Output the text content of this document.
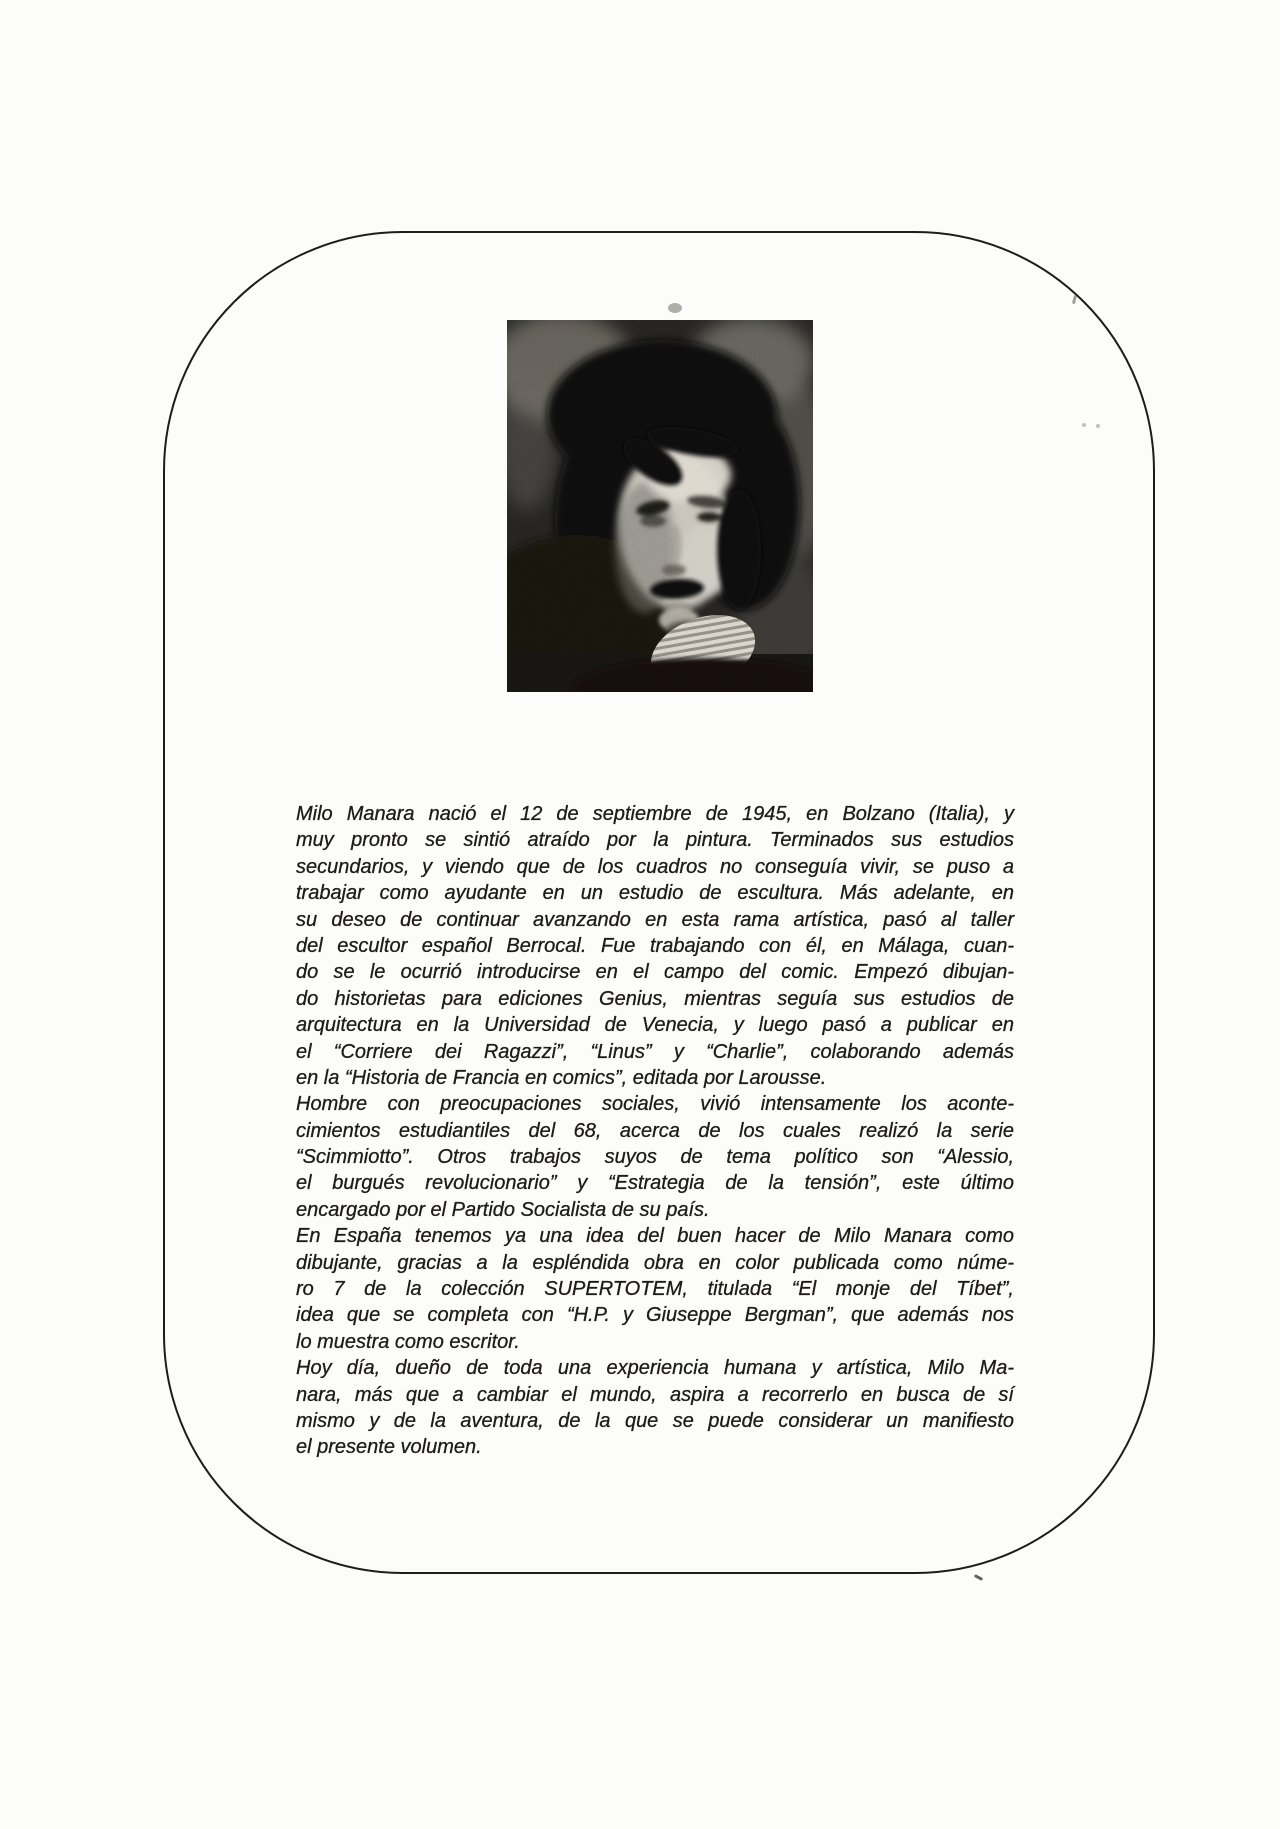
Milo Manara nació el 12 de septiembre de 1945, en Bolzano (Italia), y
muy pronto se sintió atraído por la pintura. Terminados sus estudios
secundarios, y viendo que de los cuadros no conseguía vivir, se puso a
trabajar como ayudante en un estudio de escultura. Más adelante, en
su deseo de continuar avanzando en esta rama artística, pasó al taller
del escultor español Berrocal. Fue trabajando con él, en Málaga, cuan-
do se le ocurrió introducirse en el campo del comic. Empezó dibujan-
do historietas para ediciones Genius, mientras seguía sus estudios de
arquitectura en la Universidad de Venecia, y luego pasó a publicar en
el “Corriere dei Ragazzi”, “Linus” y “Charlie”, colaborando además
en la “Historia de Francia en comics”, editada por Larousse.
Hombre con preocupaciones sociales, vivió intensamente los aconte-
cimientos estudiantiles del 68, acerca de los cuales realizó la serie
“Scimmiotto”. Otros trabajos suyos de tema político son “Alessio,
el burgués revolucionario” y “Estrategia de la tensión”, este último
encargado por el Partido Socialista de su país.
En España tenemos ya una idea del buen hacer de Milo Manara como
dibujante, gracias a la espléndida obra en color publicada como núme-
ro 7 de la colección SUPERTOTEM, titulada “El monje del Tíbet”,
idea que se completa con “H.P. y Giuseppe Bergman”, que además nos
lo muestra como escritor.
Hoy día, dueño de toda una experiencia humana y artística, Milo Ma-
nara, más que a cambiar el mundo, aspira a recorrerlo en busca de sí
mismo y de la aventura, de la que se puede considerar un manifiesto
el presente volumen.
